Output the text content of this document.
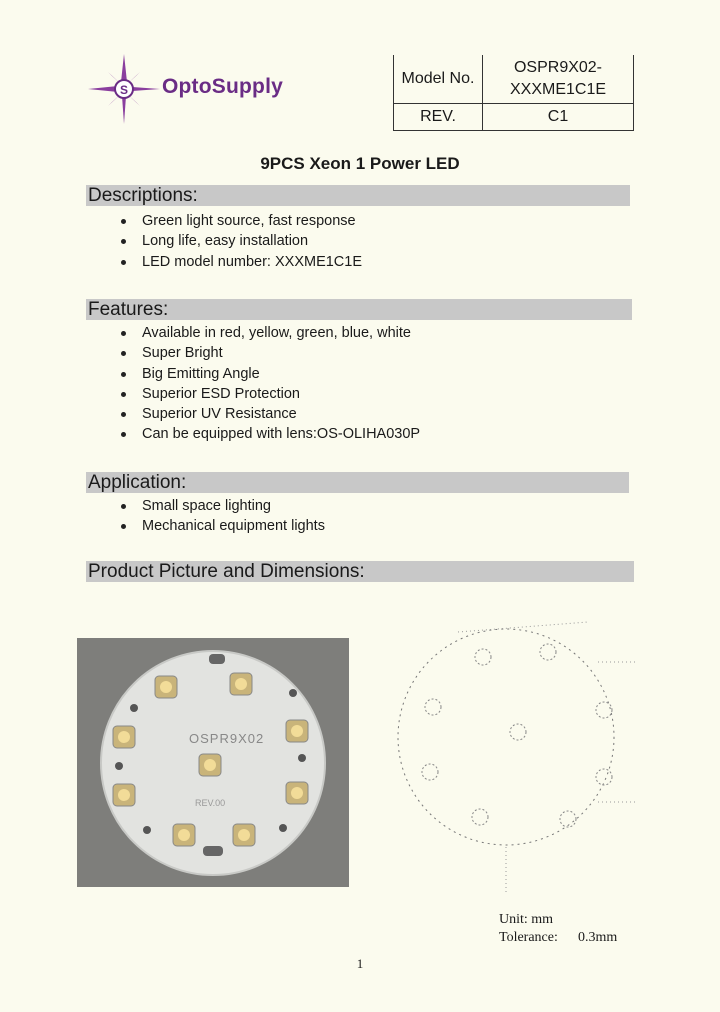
S OptoSupply	Model No.	OSPR9X02-
XXXME1C1E

REV.	C1
9PCS Xeon 1 Power LED
Descriptions:
Green light source, fast response
Long life, easy installation
LED model number: XXXME1C1E
Features:
Available in red, yellow, green, blue, white
Super Bright
Big Emitting Angle
Superior ESD Protection
Superior UV Resistance
Can be equipped with lens:OS-OLIHA030P
Application:
Small space lighting
Mechanical equipment lights
Product Picture and Dimensions:
OSPR9X02
REV.00
Unit: mm
Tolerance: 0.3mm
1
